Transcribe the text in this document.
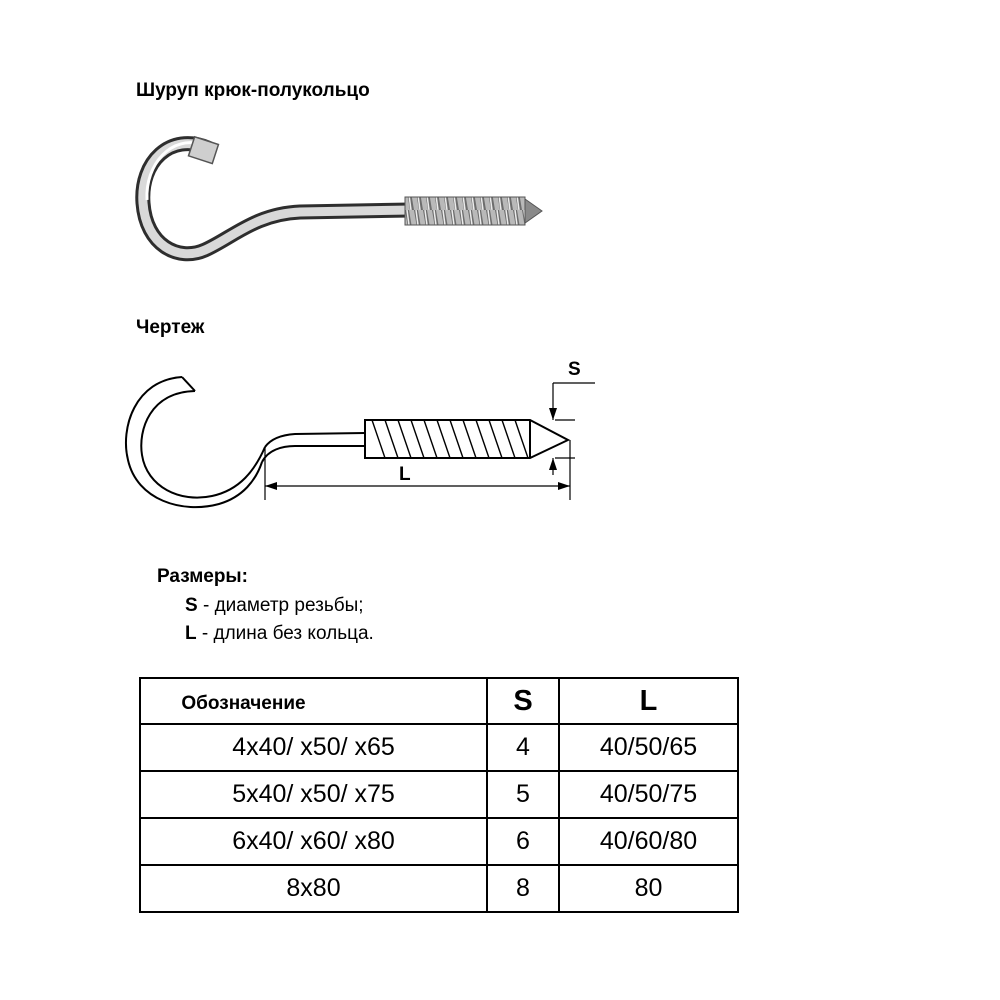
Шуруп крюк-полукольцо
Чертеж
S
L
Размеры:
S - диаметр резьбы;
L - длина без кольца.
Обозначение	S	L
4x40/ x50/ x65	4	40/50/65
5x40/ x50/ x75	5	40/50/75
6x40/ x60/ x80	6	40/60/80
8x80	8	80
